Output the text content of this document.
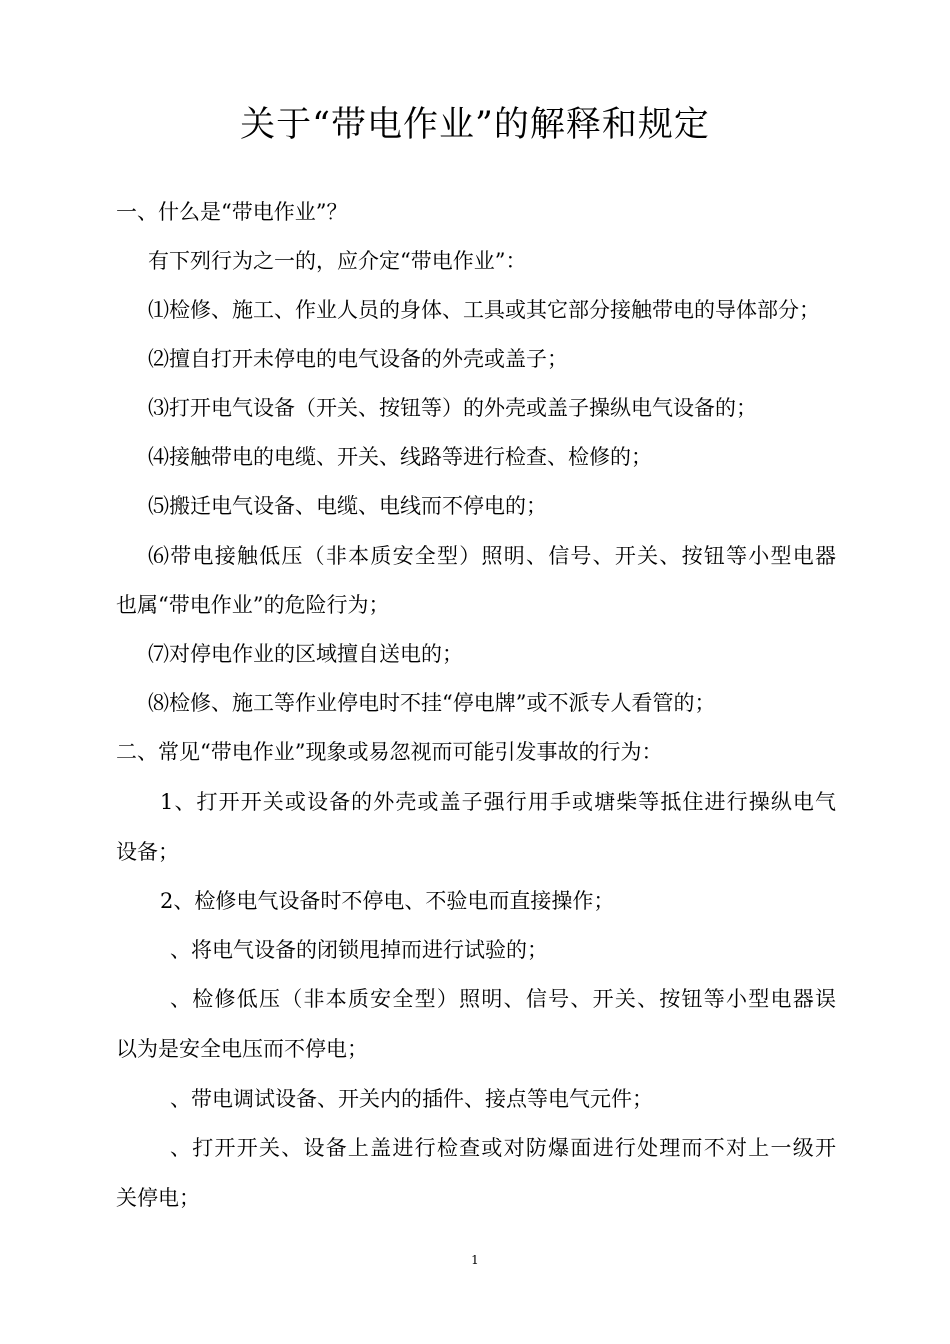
关于“带电作业”的解释和规定
一、什么是“带电作业”？
有下列行为之一的，应介定“带电作业”：
⑴检修、施工、作业人员的身体、工具或其它部分接触带电的导体部分；
⑵擅自打开未停电的电气设备的外壳或盖子；
⑶打开电气设备（开关、按钮等）的外壳或盖子操纵电气设备的；
⑷接触带电的电缆、开关、线路等进行检查、检修的；
⑸搬迁电气设备、电缆、电线而不停电的；
⑹带电接触低压（非本质安全型）照明、信号、开关、按钮等小型电器
也属“带电作业”的危险行为；
⑺对停电作业的区域擅自送电的；
⑻检修、施工等作业停电时不挂“停电牌”或不派专人看管的；
二、常见“带电作业”现象或易忽视而可能引发事故的行为：
1、打开开关或设备的外壳或盖子强行用手或塘柴等抵住进行操纵电气
设备；
2、检修电气设备时不停电、不验电而直接操作；
、将电气设备的闭锁甩掉而进行试验的；
、检修低压（非本质安全型）照明、信号、开关、按钮等小型电器误
以为是安全电压而不停电；
、带电调试设备、开关内的插件、接点等电气元件；
、打开开关、设备上盖进行检查或对防爆面进行处理而不对上一级开
关停电；
1
